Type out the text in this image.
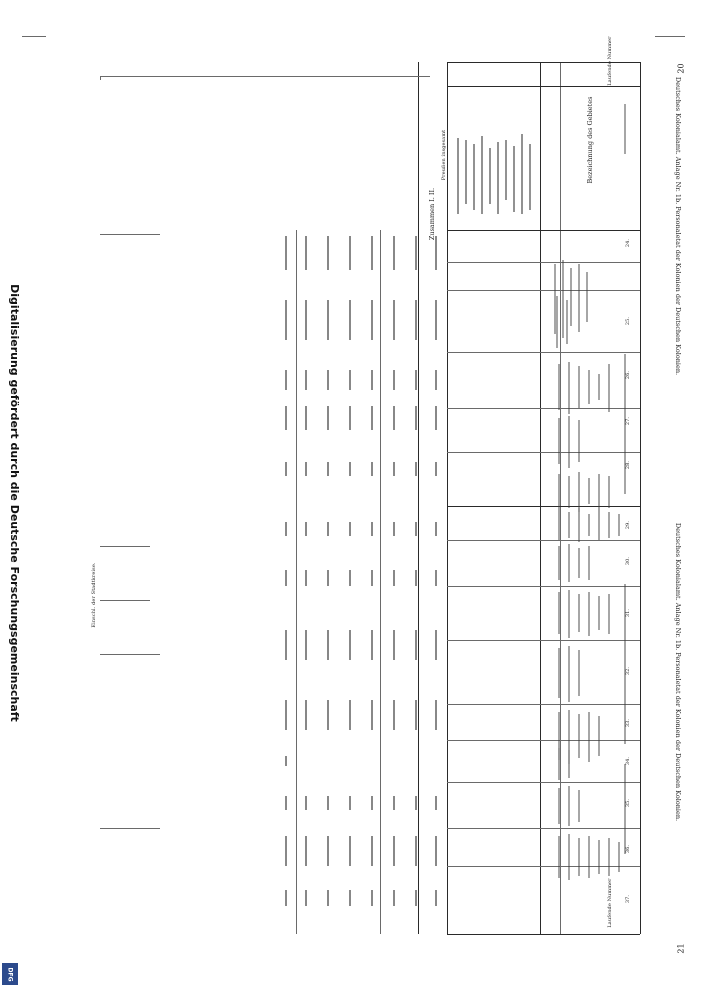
Digitalisierung gefördert durch die Deutsche Forschungsgemeinschaft
DFG
20
21
Deutsches Kolonialamt. Anlage Nr. 1b. Personaletat der Kolonien der Deutschen Kolonien.
Deutsches Kolonialamt. Anlage Nr. 1b. Personaletat der Kolonien der Deutschen Kolonien.
24.
25.
26.
27.
28.
29.
30.
31.
32.
33.
34.
35.
36.
37.
Laufende Nummer
Laufende Nummer
Bezeichnung des Gebietes
Zusammen I. II.
Preußen insgesamt
Einschl. der Stadtkreise.
